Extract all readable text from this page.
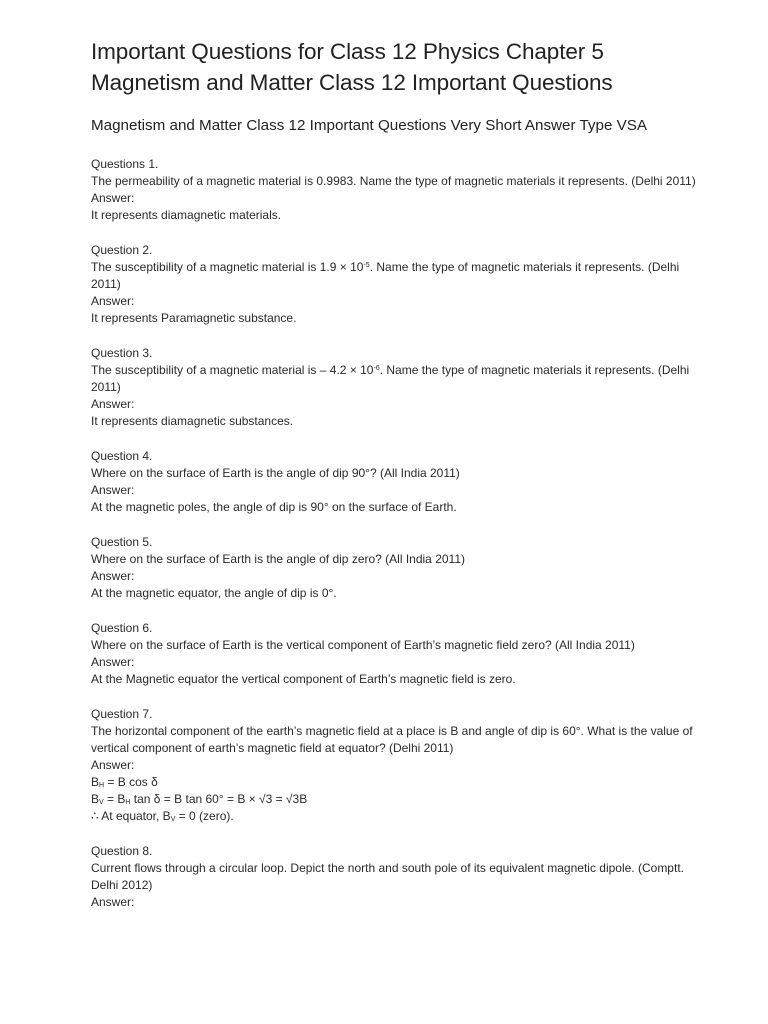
Important Questions for Class 12 Physics Chapter 5
Magnetism and Matter Class 12 Important Questions
Magnetism and Matter Class 12 Important Questions Very Short Answer Type VSA
Questions 1.
The permeability of a magnetic material is 0.9983. Name the type of magnetic materials it represents. (Delhi 2011)
Answer:
It represents diamagnetic materials.
Question 2.
The susceptibility of a magnetic material is $1.9 \times 10^{-5}$. Name the type of magnetic materials it represents. (Delhi 2011)
Answer:
It represents Paramagnetic substance.
Question 3.
The susceptibility of a magnetic material is – $4.2 \times 10^{-6}$. Name the type of magnetic materials it represents. (Delhi 2011)
Answer:
It represents diamagnetic substances.
Question 4.
Where on the surface of Earth is the angle of dip 90°? (All India 2011)
Answer:
At the magnetic poles, the angle of dip is 90° on the surface of Earth.
Question 5.
Where on the surface of Earth is the angle of dip zero? (All India 2011)
Answer:
At the magnetic equator, the angle of dip is 0°.
Question 6.
Where on the surface of Earth is the vertical component of Earth’s magnetic field zero? (All India 2011)
Answer:
At the Magnetic equator the vertical component of Earth’s magnetic field is zero.
Question 7.
The horizontal component of the earth’s magnetic field at a place is B and angle of dip is 60°. What is the value of vertical component of earth’s magnetic field at equator? (Delhi 2011)
Answer:
$B_H = B$ cos δ
$B_V = B_H$ tan δ = B tan 60° = B × √3 = √3B
∴ At equator, $B_V = 0$ (zero).
Question 8.
Current flows through a circular loop. Depict the north and south pole of its equivalent magnetic dipole. (Comptt. Delhi 2012)
Answer:
